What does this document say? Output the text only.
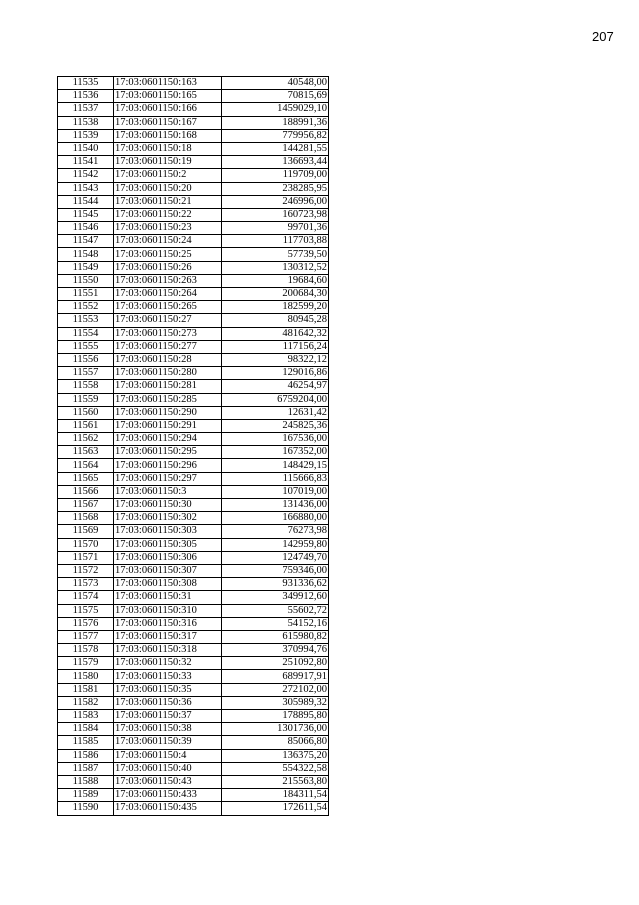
207
11535	17:03:0601150:163	40548,00
11536	17:03:0601150:165	70815,69
11537	17:03:0601150:166	1459029,10
11538	17:03:0601150:167	188991,36
11539	17:03:0601150:168	779956,82
11540	17:03:0601150:18	144281,55
11541	17:03:0601150:19	136693,44
11542	17:03:0601150:2	119709,00
11543	17:03:0601150:20	238285,95
11544	17:03:0601150:21	246996,00
11545	17:03:0601150:22	160723,98
11546	17:03:0601150:23	99701,36
11547	17:03:0601150:24	117703,88
11548	17:03:0601150:25	57739,50
11549	17:03:0601150:26	130312,52
11550	17:03:0601150:263	19684,60
11551	17:03:0601150:264	200684,30
11552	17:03:0601150:265	182599,20
11553	17:03:0601150:27	80945,28
11554	17:03:0601150:273	481642,32
11555	17:03:0601150:277	117156,24
11556	17:03:0601150:28	98322,12
11557	17:03:0601150:280	129016,86
11558	17:03:0601150:281	46254,97
11559	17:03:0601150:285	6759204,00
11560	17:03:0601150:290	12631,42
11561	17:03:0601150:291	245825,36
11562	17:03:0601150:294	167536,00
11563	17:03:0601150:295	167352,00
11564	17:03:0601150:296	148429,15
11565	17:03:0601150:297	115666,83
11566	17:03:0601150:3	107019,00
11567	17:03:0601150:30	131436,00
11568	17:03:0601150:302	166880,00
11569	17:03:0601150:303	76273,98
11570	17:03:0601150:305	142959,80
11571	17:03:0601150:306	124749,70
11572	17:03:0601150:307	759346,00
11573	17:03:0601150:308	931336,62
11574	17:03:0601150:31	349912,60
11575	17:03:0601150:310	55602,72
11576	17:03:0601150:316	54152,16
11577	17:03:0601150:317	615980,82
11578	17:03:0601150:318	370994,76
11579	17:03:0601150:32	251092,80
11580	17:03:0601150:33	689917,91
11581	17:03:0601150:35	272102,00
11582	17:03:0601150:36	305989,32
11583	17:03:0601150:37	178895,80
11584	17:03:0601150:38	1301736,00
11585	17:03:0601150:39	85066,80
11586	17:03:0601150:4	136375,20
11587	17:03:0601150:40	554322,58
11588	17:03:0601150:43	215563,80
11589	17:03:0601150:433	184311,54
11590	17:03:0601150:435	172611,54
